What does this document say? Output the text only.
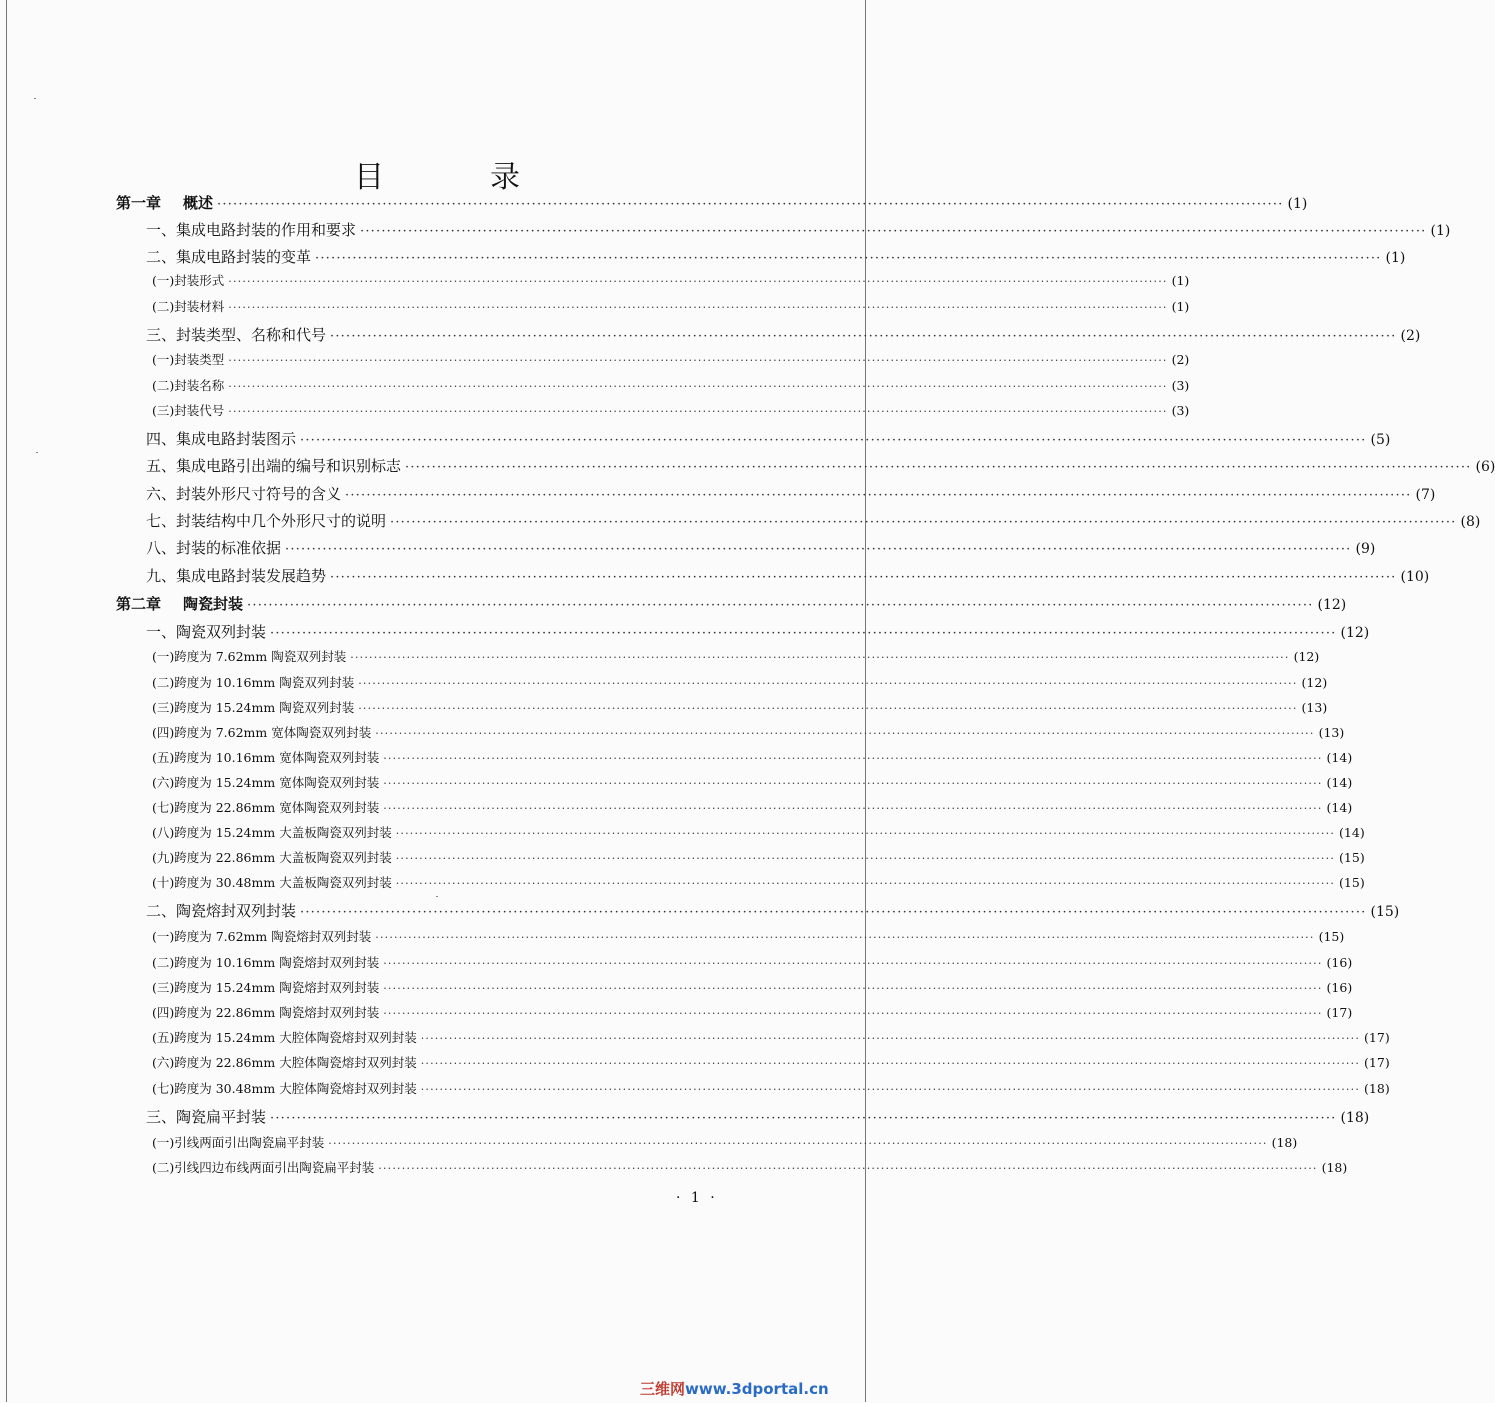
目　录
第一章 概述 ········································································································································································································ (1)
一、集成电路封装的作用和要求 ········································································································································································································ (1)
二、集成电路封装的变革 ········································································································································································································ (1)
(一)封装形式 ········································································································································································································ (1)
(二)封装材料 ········································································································································································································ (1)
三、封装类型、名称和代号 ········································································································································································································ (2)
(一)封装类型 ········································································································································································································ (2)
(二)封装名称 ········································································································································································································ (3)
(三)封装代号 ········································································································································································································ (3)
四、集成电路封装图示 ········································································································································································································ (5)
五、集成电路引出端的编号和识别标志 ········································································································································································································ (6)
六、封装外形尺寸符号的含义 ········································································································································································································ (7)
七、封装结构中几个外形尺寸的说明 ········································································································································································································ (8)
八、封装的标准依据 ········································································································································································································ (9)
九、集成电路封装发展趋势 ········································································································································································································ (10)
第二章 陶瓷封装 ········································································································································································································ (12)
一、陶瓷双列封装 ········································································································································································································ (12)
(一)跨度为 7.62mm 陶瓷双列封装 ········································································································································································································ (12)
(二)跨度为 10.16mm 陶瓷双列封装 ········································································································································································································ (12)
(三)跨度为 15.24mm 陶瓷双列封装 ········································································································································································································ (13)
(四)跨度为 7.62mm 宽体陶瓷双列封装 ········································································································································································································ (13)
(五)跨度为 10.16mm 宽体陶瓷双列封装 ········································································································································································································ (14)
(六)跨度为 15.24mm 宽体陶瓷双列封装 ········································································································································································································ (14)
(七)跨度为 22.86mm 宽体陶瓷双列封装 ········································································································································································································ (14)
(八)跨度为 15.24mm 大盖板陶瓷双列封装 ········································································································································································································ (14)
(九)跨度为 22.86mm 大盖板陶瓷双列封装 ········································································································································································································ (15)
(十)跨度为 30.48mm 大盖板陶瓷双列封装 ········································································································································································································ (15)
二、陶瓷熔封双列封装 ········································································································································································································ (15)
(一)跨度为 7.62mm 陶瓷熔封双列封装 ········································································································································································································ (15)
(二)跨度为 10.16mm 陶瓷熔封双列封装 ········································································································································································································ (16)
(三)跨度为 15.24mm 陶瓷熔封双列封装 ········································································································································································································ (16)
(四)跨度为 22.86mm 陶瓷熔封双列封装 ········································································································································································································ (17)
(五)跨度为 15.24mm 大腔体陶瓷熔封双列封装 ········································································································································································································ (17)
(六)跨度为 22.86mm 大腔体陶瓷熔封双列封装 ········································································································································································································ (17)
(七)跨度为 30.48mm 大腔体陶瓷熔封双列封装 ········································································································································································································ (18)
三、陶瓷扁平封装 ········································································································································································································ (18)
(一)引线两面引出陶瓷扁平封装 ········································································································································································································ (18)
(二)引线四边布线两面引出陶瓷扁平封装 ········································································································································································································ (18)
· 1 ·
三维网www.3dportal.cn
